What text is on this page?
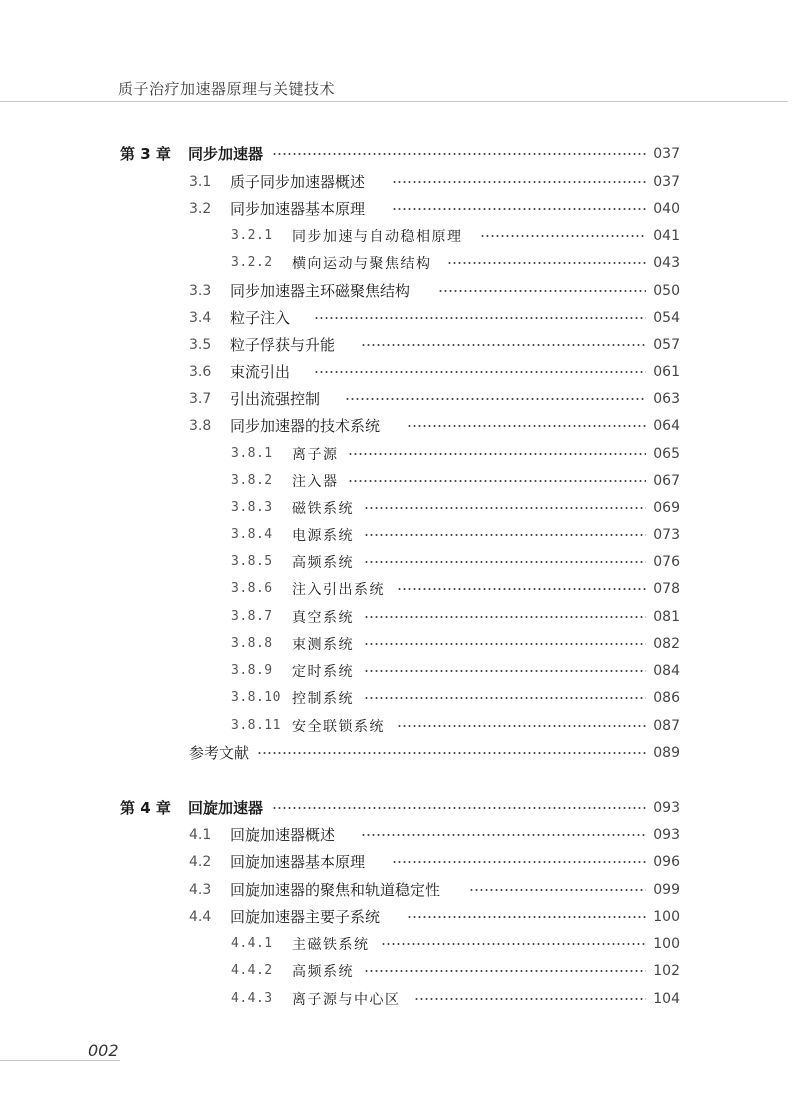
质子治疗加速器原理与关键技术
第 3 章 同步加速器	037
3.1 质子同步加速器概述	037
3.2 同步加速器基本原理	040
3.2.1 同步加速与自动稳相原理	041
3.2.2 横向运动与聚焦结构	043
3.3 同步加速器主环磁聚焦结构	050
3.4 粒子注入	054
3.5 粒子俘获与升能	057
3.6 束流引出	061
3.7 引出流强控制	063
3.8 同步加速器的技术系统	064
3.8.1 离子源	065
3.8.2 注入器	067
3.8.3 磁铁系统	069
3.8.4 电源系统	073
3.8.5 高频系统	076
3.8.6 注入引出系统	078
3.8.7 真空系统	081
3.8.8 束测系统	082
3.8.9 定时系统	084
3.8.10 控制系统	086
3.8.11 安全联锁系统	087
参考文献	089
第 4 章 回旋加速器	093
4.1 回旋加速器概述	093
4.2 回旋加速器基本原理	096
4.3 回旋加速器的聚焦和轨道稳定性	099
4.4 回旋加速器主要子系统	100
4.4.1 主磁铁系统	100
4.4.2 高频系统	102
4.4.3 离子源与中心区	104
002
